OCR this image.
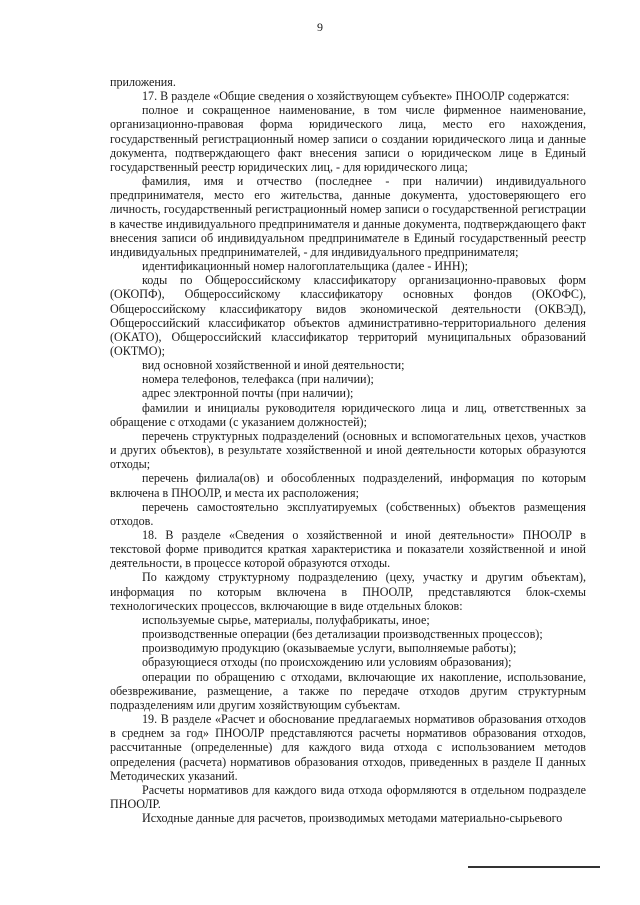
9

приложения.

17. В разделе «Общие сведения о хозяйствующем субъекте» ПНООЛР содержатся:

полное и сокращенное наименование, в том числе фирменное наименование, организационно-правовая форма юридического лица, место его нахождения, государственный регистрационный номер записи о создании юридического лица и данные документа, подтверждающего факт внесения записи о юридическом лице в Единый государственный реестр юридических лиц, - для юридического лица;

фамилия, имя и отчество (последнее - при наличии) индивидуального предпринимателя, место его жительства, данные документа, удостоверяющего его личность, государственный регистрационный номер записи о государственной регистрации в качестве индивидуального предпринимателя и данные документа, подтверждающего факт внесения записи об индивидуальном предпринимателе в Единый государственный реестр индивидуальных предпринимателей, - для индивидуального предпринимателя;

идентификационный номер налогоплательщика (далее - ИНН);

коды по Общероссийскому классификатору организационно-правовых форм (ОКОПФ), Общероссийскому классификатору основных фондов (ОКОФС), Общероссийскому классификатору видов экономической деятельности (ОКВЭД), Общероссийский классификатор объектов административно-территориального деления (ОКАТО), Общероссийский классификатор территорий муниципальных образований (ОКТМО);

вид основной хозяйственной и иной деятельности;

номера телефонов, телефакса (при наличии);

адрес электронной почты (при наличии);

фамилии и инициалы руководителя юридического лица и лиц, ответственных за обращение с отходами (с указанием должностей);

перечень структурных подразделений (основных и вспомогательных цехов, участков и других объектов), в результате хозяйственной и иной деятельности которых образуются отходы;

перечень филиала(ов) и обособленных подразделений, информация по которым включена в ПНООЛР, и места их расположения;

перечень самостоятельно эксплуатируемых (собственных) объектов размещения отходов.

18. В разделе «Сведения о хозяйственной и иной деятельности» ПНООЛР в текстовой форме приводится краткая характеристика и показатели хозяйственной и иной деятельности, в процессе которой образуются отходы.

По каждому структурному подразделению (цеху, участку и другим объектам), информация по которым включена в ПНООЛР, представляются блок-схемы технологических процессов, включающие в виде отдельных блоков:

используемые сырье, материалы, полуфабрикаты, иное;

производственные операции (без детализации производственных процессов);

производимую продукцию (оказываемые услуги, выполняемые работы);

образующиеся отходы (по происхождению или условиям образования);

операции по обращению с отходами, включающие их накопление, использование, обезвреживание, размещение, а также по передаче отходов другим структурным подразделениям или другим хозяйствующим субъектам.

19. В разделе «Расчет и обоснование предлагаемых нормативов образования отходов в среднем за год» ПНООЛР представляются расчеты нормативов образования отходов, рассчитанные (определенные) для каждого вида отхода с использованием методов определения (расчета) нормативов образования отходов, приведенных в разделе II данных Методических указаний.

Расчеты нормативов для каждого вида отхода оформляются в отдельном подразделе ПНООЛР.

Исходные данные для расчетов, производимых методами материально-сырьевого
